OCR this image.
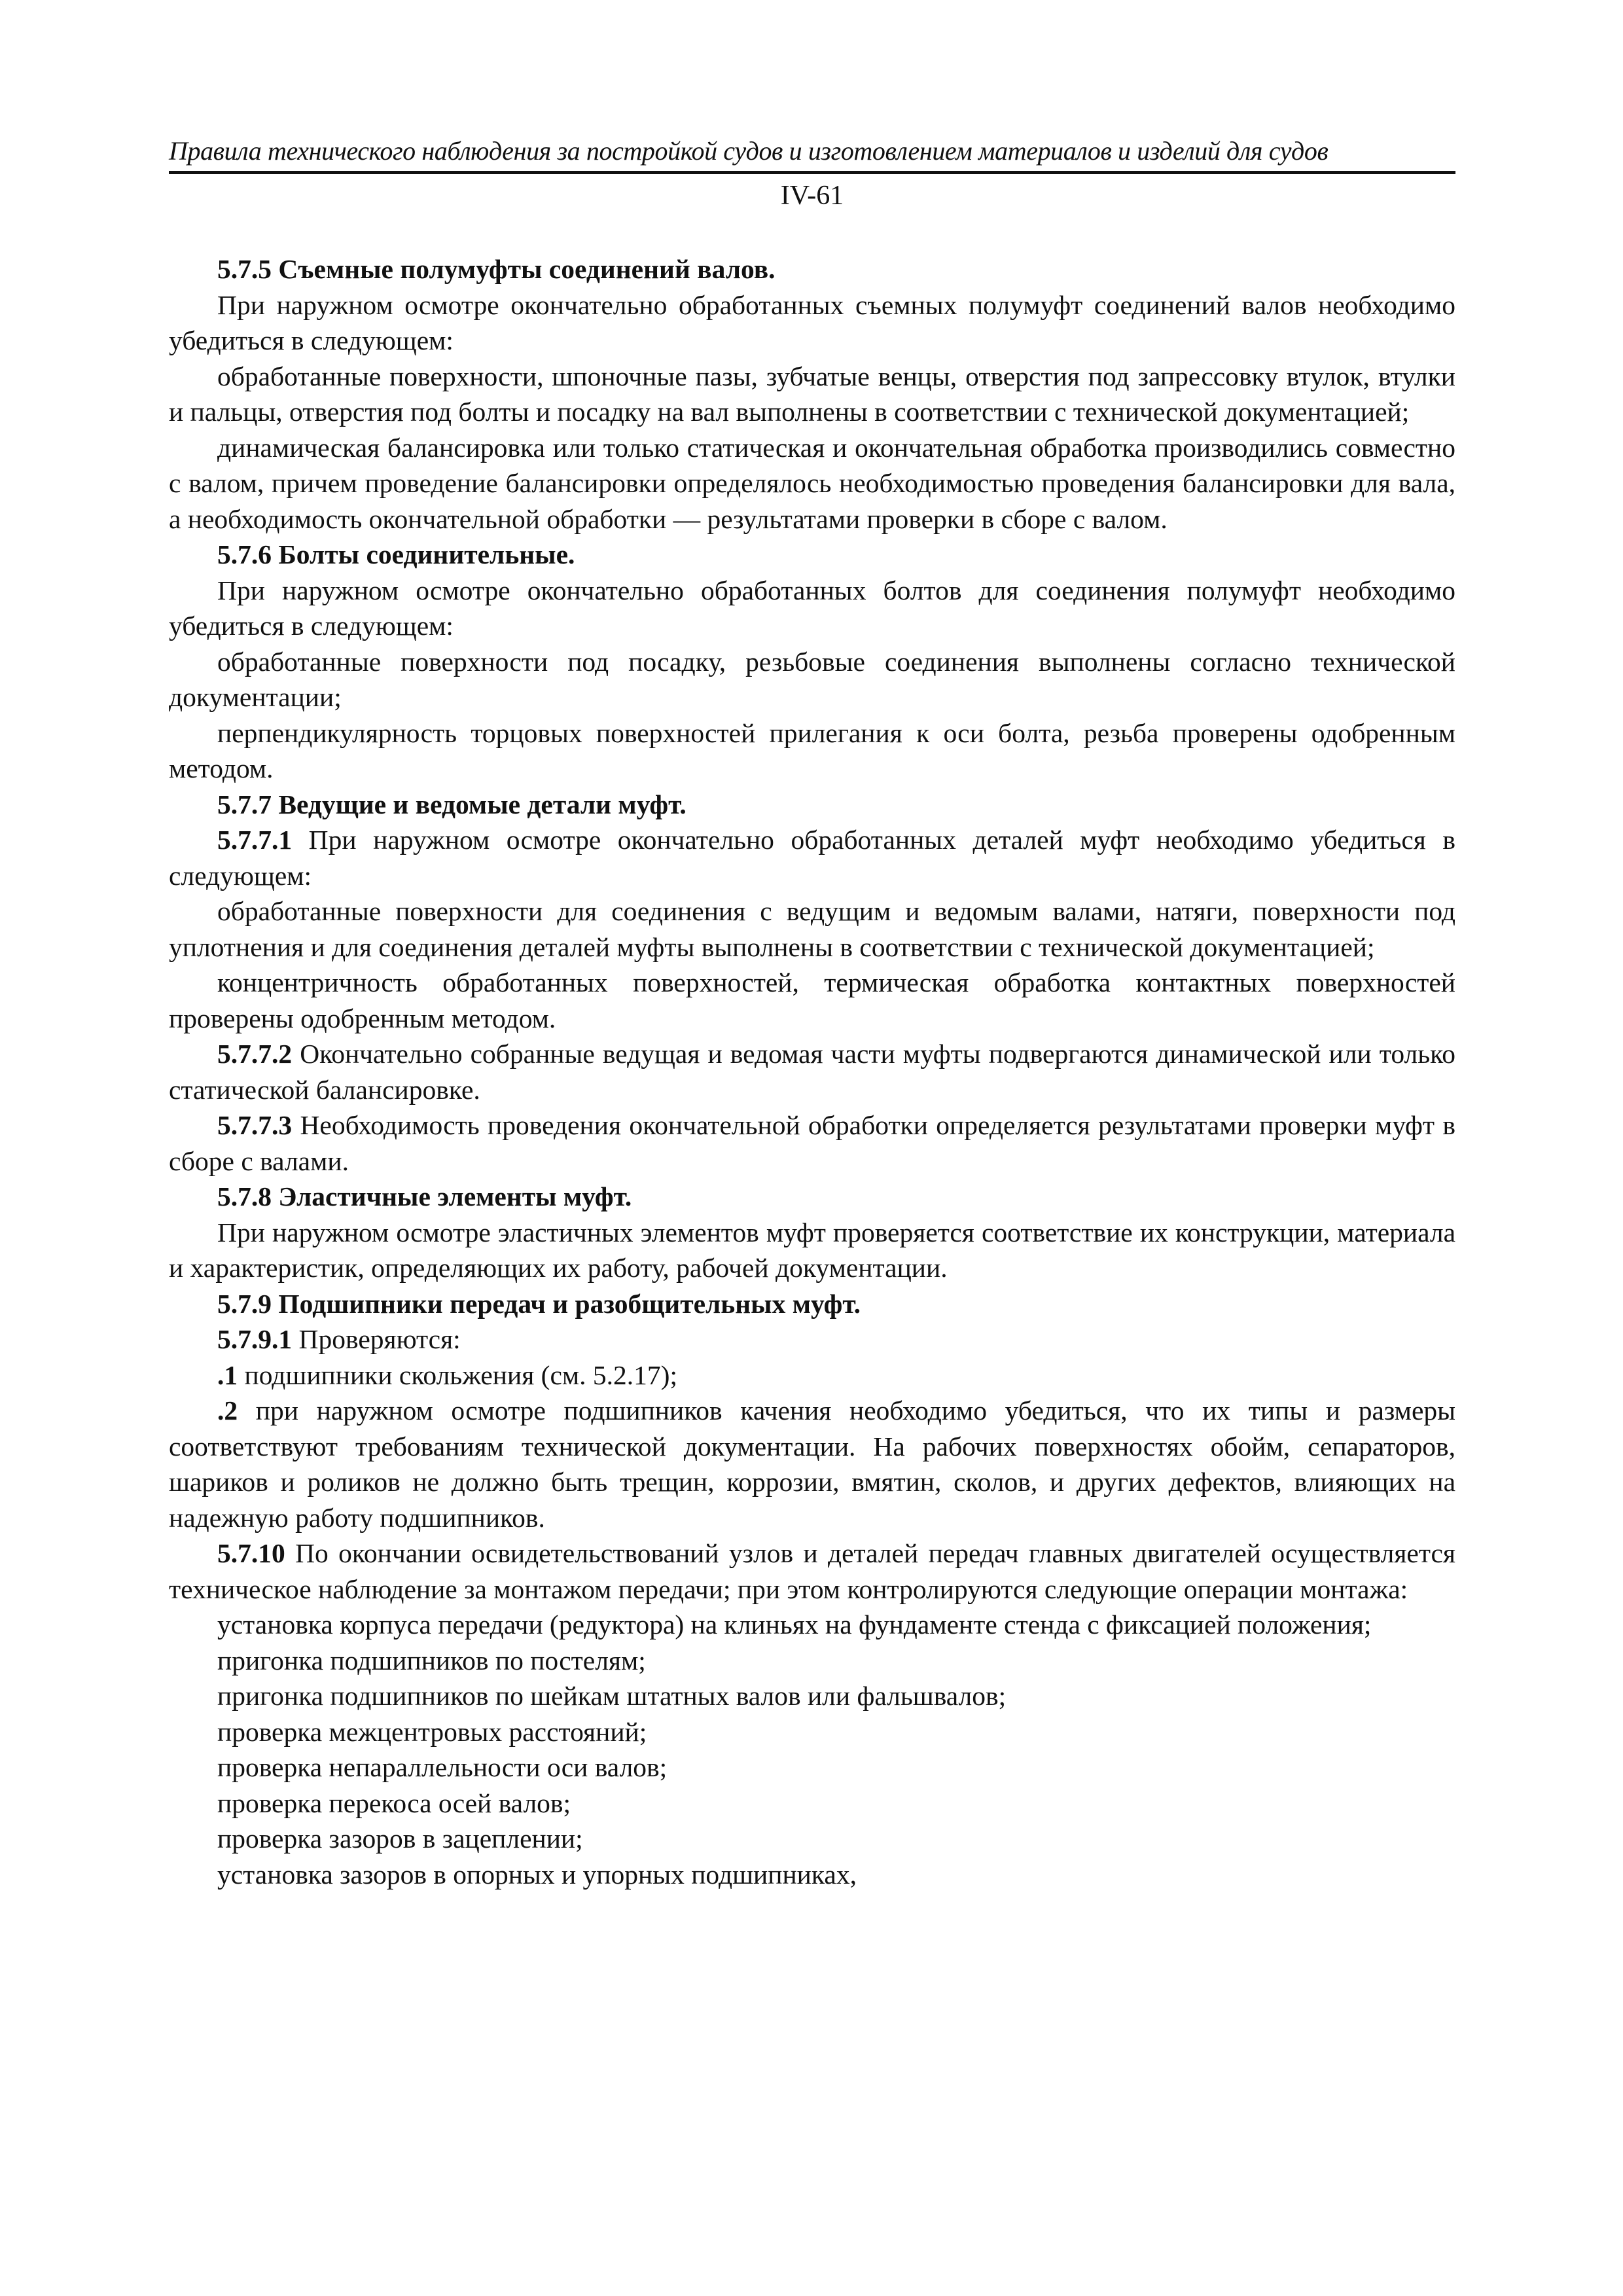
Правила технического наблюдения за постройкой судов и изготовлением материалов и изделий для судов
IV-61

5.7.5 Съемные полумуфты соединений валов.

При наружном осмотре окончательно обработанных съемных полумуфт соединений валов необходимо убедиться в следующем:

обработанные поверхности, шпоночные пазы, зубчатые венцы, отверстия под запрессовку втулок, втулки и пальцы, отверстия под болты и посадку на вал выполнены в соответствии с технической документацией;

динамическая балансировка или только статическая и окончательная обработка производились совместно с валом, причем проведение балансировки определялось необходимостью проведения балансировки для вала, а необходимость окончательной обработки — результатами проверки в сборе с валом.

5.7.6 Болты соединительные.

При наружном осмотре окончательно обработанных болтов для соединения полумуфт необходимо убедиться в следующем:

обработанные поверхности под посадку, резьбовые соединения выполнены согласно технической документации;

перпендикулярность торцовых поверхностей прилегания к оси болта, резьба проверены одобренным методом.

5.7.7 Ведущие и ведомые детали муфт.

5.7.7.1 При наружном осмотре окончательно обработанных деталей муфт необходимо убедиться в следующем:

обработанные поверхности для соединения с ведущим и ведомым валами, натяги, поверхности под уплотнения и для соединения деталей муфты выполнены в соответствии с технической документацией;

концентричность обработанных поверхностей, термическая обработка контактных поверхностей проверены одобренным методом.

5.7.7.2 Окончательно собранные ведущая и ведомая части муфты подвергаются динамической или только статической балансировке.

5.7.7.3 Необходимость проведения окончательной обработки определяется результатами проверки муфт в сборе с валами.

5.7.8 Эластичные элементы муфт.

При наружном осмотре эластичных элементов муфт проверяется соответствие их конструкции, материала и характеристик, определяющих их работу, рабочей документации.

5.7.9 Подшипники передач и разобщительных муфт.

5.7.9.1 Проверяются:

.1 подшипники скольжения (см. 5.2.17);

.2 при наружном осмотре подшипников качения необходимо убедиться, что их типы и размеры соответствуют требованиям технической документации. На рабочих поверхностях обойм, сепараторов, шариков и роликов не должно быть трещин, коррозии, вмятин, сколов, и других дефектов, влияющих на надежную работу подшипников.

5.7.10 По окончании освидетельствований узлов и деталей передач главных двигателей осуществляется техническое наблюдение за монтажом передачи; при этом контролируются следующие операции монтажа:

установка корпуса передачи (редуктора) на клиньях на фундаменте стенда с фиксацией положения;

пригонка подшипников по постелям;

пригонка подшипников по шейкам штатных валов или фальшвалов;

проверка межцентровых расстояний;

проверка непараллельности оси валов;

проверка перекоса осей валов;

проверка зазоров в зацеплении;

установка зазоров в опорных и упорных подшипниках,
